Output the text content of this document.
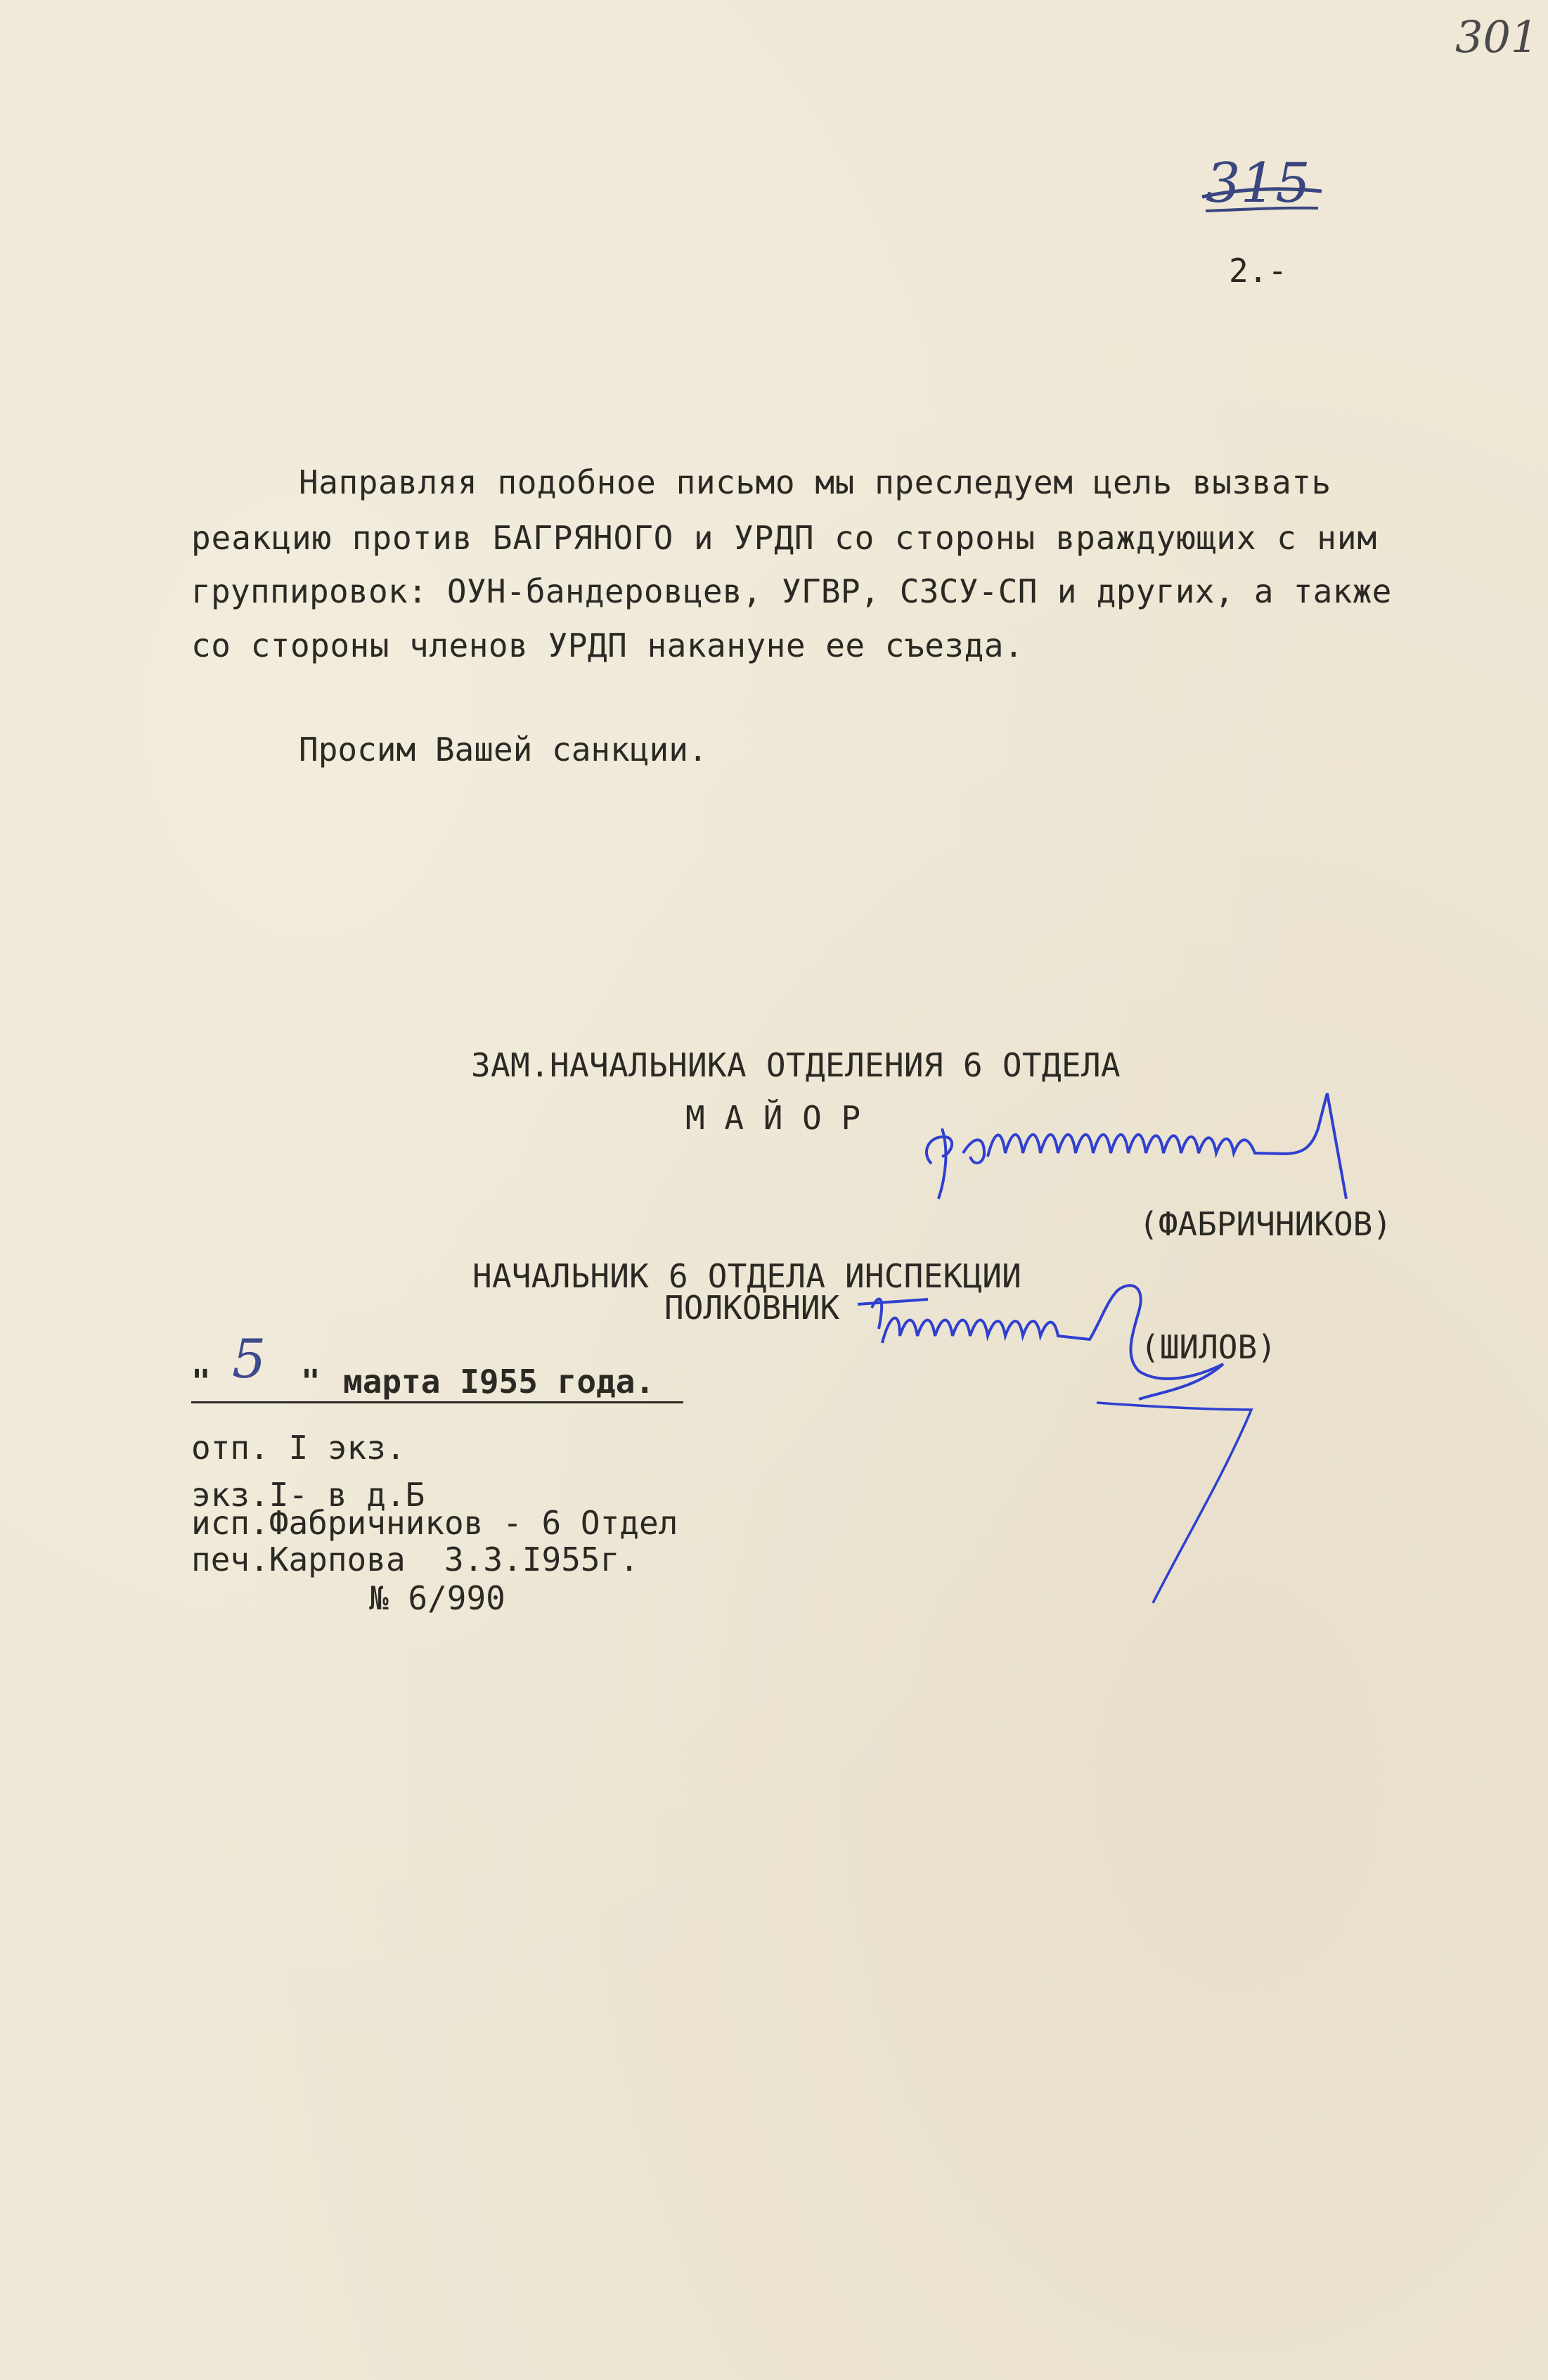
301
315
2.-
Направляя подобное письмо мы преследуем цель вызвать
реакцию против БАГРЯНОГО и УРДП со стороны враждующих с ним
группировок: ОУН-бандеровцев, УГВР, СЗСУ-СП и других, а также
со стороны членов УРДП накануне ее съезда.
Просим Вашей санкции.
ЗАМ.НАЧАЛЬНИКА ОТДЕЛЕНИЯ 6 ОТДЕЛА
М А Й О Р
(ФАБРИЧНИКОВ)
НАЧАЛЬНИК 6 ОТДЕЛА ИНСПЕКЦИИ
ПОЛКОВНИК
(ШИЛОВ)
" 5 " марта I955 года.
отп. I экз.
экз.I- в д.Б
исп.Фабричников - 6 Отдел
печ.Карпова  3.3.I955г.
№ 6/990
